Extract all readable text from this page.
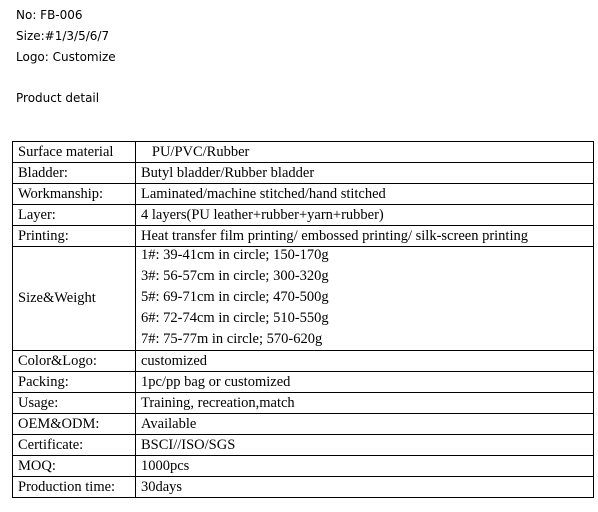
No: FB-006
Size:#1/3/5/6/7
Logo: Customize
Product detail
Surface material	PU/PVC/Rubber
Bladder:	Butyl bladder/Rubber bladder
Workmanship:	Laminated/machine stitched/hand stitched
Layer:	4 layers(PU leather+rubber+yarn+rubber)
Printing:	Heat transfer film printing/ embossed printing/ silk-screen printing
Size&Weight	1#: 39-41cm in circle; 150-170g
3#: 56-57cm in circle; 300-320g
5#: 69-71cm in circle; 470-500g
6#: 72-74cm in circle; 510-550g
7#: 75-77m in circle; 570-620g

Color&Logo:	customized
Packing:	1pc/pp bag or customized
Usage:	Training, recreation,match
OEM&ODM:	Available
Certificate:	BSCI//ISO/SGS
MOQ:	1000pcs
Production time:	30days
